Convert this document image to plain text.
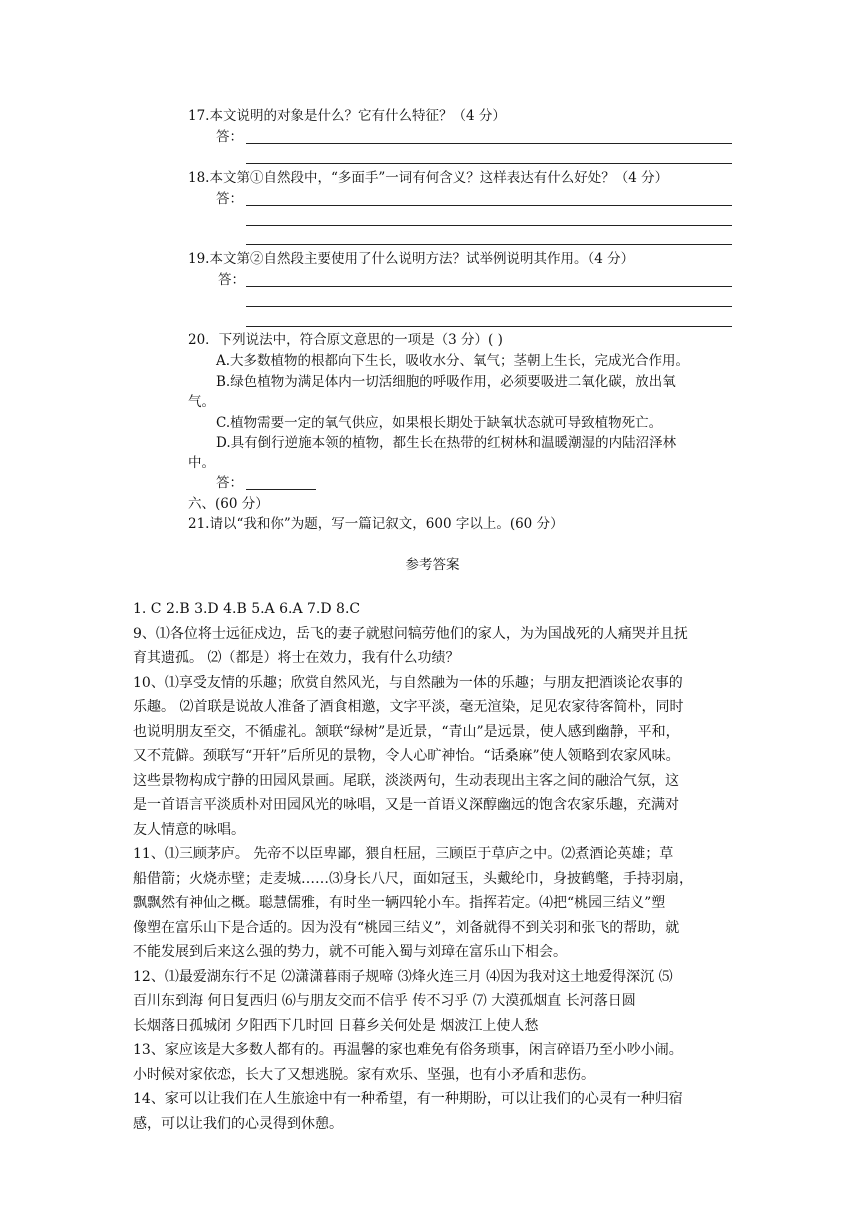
17.本文说明的对象是什么？它有什么特征？（4 分）
答：
18.本文第①自然段中，“多面手”一词有何含义？这样表达有什么好处？（4 分）
答：
19.本文第②自然段主要使用了什么说明方法？试举例说明其作用。（4 分）
答：
20．下列说法中，符合原文意思的一项是（3 分）( )
A.大多数植物的根都向下生长，吸收水分、氧气；茎朝上生长，完成光合作用。
B.绿色植物为满足体内一切活细胞的呼吸作用，必须要吸进二氧化碳，放出氧
气。
C.植物需要一定的氧气供应，如果根长期处于缺氧状态就可导致植物死亡。
D.具有倒行逆施本领的植物，都生长在热带的红树林和温暖潮湿的内陆沼泽林
中。
答：
六、(60 分）
21.请以“我和你”为题，写一篇记叙文，600 字以上。(60 分）
参考答案
1. C 2.B 3.D 4.B 5.A 6.A 7.D 8.C
9、⑴各位将士远征戍边，岳飞的妻子就慰问犒劳他们的家人，为为国战死的人痛哭并且抚
育其遗孤。 ⑵（都是）将士在效力，我有什么功绩？
10、⑴享受友情的乐趣；欣赏自然风光，与自然融为一体的乐趣；与朋友把酒谈论农事的
乐趣。 ⑵首联是说故人准备了酒食相邀，文字平淡，毫无渲染，足见农家待客简朴，同时
也说明朋友至交，不循虚礼。颔联“绿树”是近景，“青山”是远景，使人感到幽静，平和，
又不荒僻。颈联写“开轩”后所见的景物，令人心旷神怡。“话桑麻”使人领略到农家风味。
这些景物构成宁静的田园风景画。尾联，淡淡两句，生动表现出主客之间的融洽气氛，这
是一首语言平淡质朴对田园风光的咏唱，又是一首语义深醇幽远的饱含农家乐趣，充满对
友人情意的咏唱。
11、⑴三顾茅庐。 先帝不以臣卑鄙，猥自枉屈，三顾臣于草庐之中。⑵煮酒论英雄；草
船借箭；火烧赤壁；走麦城……⑶身长八尺，面如冠玉，头戴纶巾，身披鹤氅，手持羽扇，
飘飘然有神仙之概。聪慧儒雅，有时坐一辆四轮小车。指挥若定。⑷把“桃园三结义”塑
像塑在富乐山下是合适的。因为没有“桃园三结义”，刘备就得不到关羽和张飞的帮助，就
不能发展到后来这么强的势力，就不可能入蜀与刘璋在富乐山下相会。
12、⑴最爱湖东行不足 ⑵潇潇暮雨子规啼 ⑶烽火连三月 ⑷因为我对这土地爱得深沉 ⑸
百川东到海 何日复西归 ⑹与朋友交而不信乎 传不习乎 ⑺ 大漠孤烟直 长河落日圆
长烟落日孤城闭 夕阳西下几时回 日暮乡关何处是 烟波江上使人愁
13、家应该是大多数人都有的。再温馨的家也难免有俗务琐事，闲言碎语乃至小吵小闹。
小时候对家依恋，长大了又想逃脱。家有欢乐、坚强，也有小矛盾和悲伤。
14、家可以让我们在人生旅途中有一种希望，有一种期盼，可以让我们的心灵有一种归宿
感，可以让我们的心灵得到休憩。
